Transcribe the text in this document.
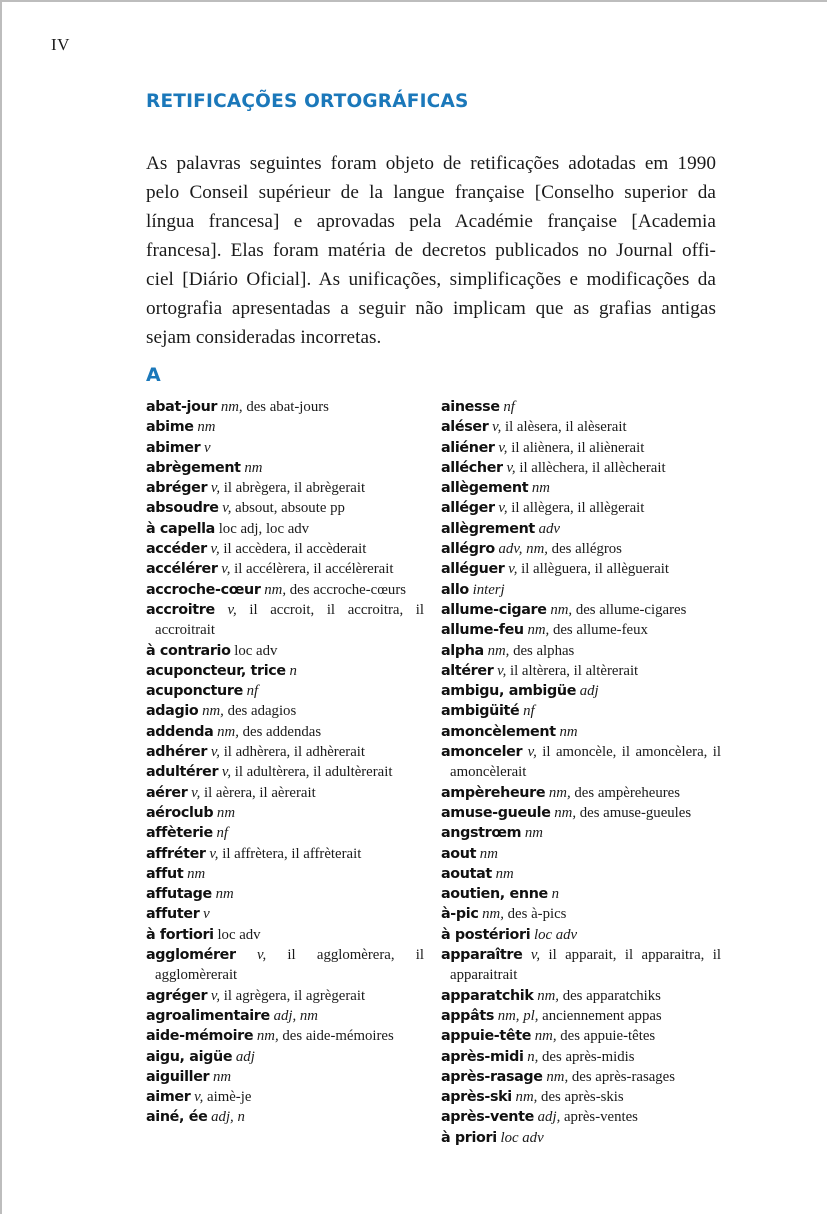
IV
RETIFICAÇÕES ORTOGRÁFICAS

As palavras seguintes foram objeto de retificações adotadas em 1990
pelo Conseil supérieur de la langue française [Conselho superior da
língua francesa] e aprovadas pela Académie française [Academia
francesa]. Elas foram matéria de decretos publicados no Journal offi-
ciel [Diário Oficial]. As unificações, simplificações e modificações da
ortografia apresentadas a seguir não implicam que as grafias antigas
sejam consideradas incorretas.

A
abat-jour nm, des abat-jours
abime nm
abimer v
abrègement nm
abréger v, il abrègera, il abrègerait
absoudre v, absout, absoute pp
à capella loc adj, loc adv
accéder v, il accèdera, il accèderait
accélérer v, il accélèrera, il accélèrerait
accroche-cœur nm, des accroche-cœurs
accroitre v, il accroit, il accroitra, il accroitrait
à contrario loc adv
acuponcteur, trice n
acuponcture nf
adagio nm, des adagios
addenda nm, des addendas
adhérer v, il adhèrera, il adhèrerait
adultérer v, il adultèrera, il adultèrerait
aérer v, il aèrera, il aèrerait
aéroclub nm
affèterie nf
affréter v, il affrètera, il affrèterait
affut nm
affutage nm
affuter v
à fortiori loc adv
agglomérer v, il agglomèrera, il agglomèrerait
agréger v, il agrègera, il agrègerait
agroalimentaire adj, nm
aide-mémoire nm, des aide-mémoires
aigu, aigüe adj
aiguiller nm
aimer v, aimè-je
ainé, ée adj, n
ainesse nf
aléser v, il alèsera, il alèserait
aliéner v, il aliènera, il aliènerait
allécher v, il allèchera, il allècherait
allègement nm
alléger v, il allègera, il allègerait
allègrement adv
allégro adv, nm, des allégros
alléguer v, il allèguera, il allèguerait
allo interj
allume-cigare nm, des allume-cigares
allume-feu nm, des allume-feux
alpha nm, des alphas
altérer v, il altèrera, il altèrerait
ambigu, ambigüe adj
ambigüité nf
amoncèlement nm
amonceler v, il amoncèle, il amoncèlera, il amoncèlerait
ampèreheure nm, des ampèreheures
amuse-gueule nm, des amuse-gueules
angstrœm nm
aout nm
aoutat nm
aoutien, enne n
à-pic nm, des à-pics
à postériori loc adv
apparaître v, il apparait, il apparaitra, il apparaitrait
apparatchik nm, des apparatchiks
appâts nm, pl, anciennement appas
appuie-tête nm, des appuie-têtes
après-midi n, des après-midis
après-rasage nm, des après-rasages
après-ski nm, des après-skis
après-vente adj, après-ventes
à priori loc adv
